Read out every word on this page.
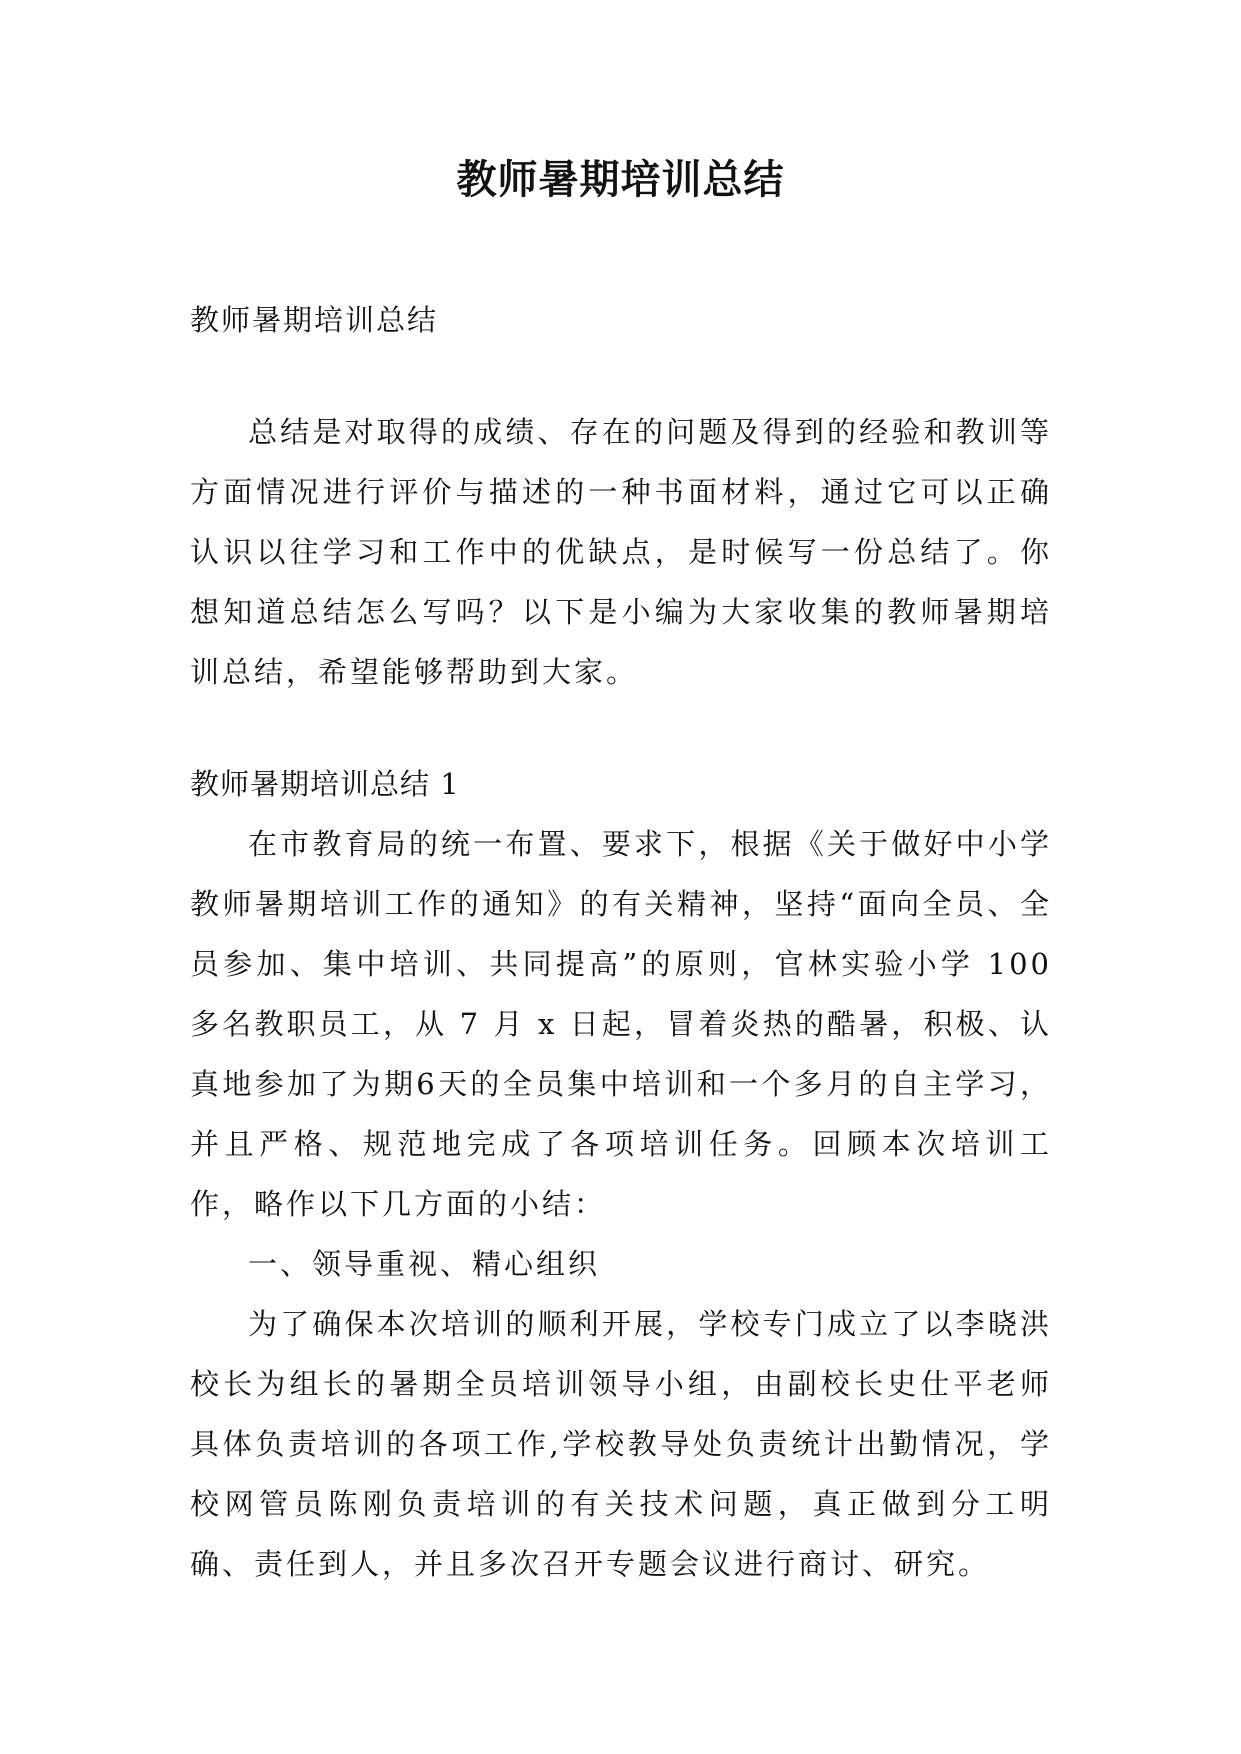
教师暑期培训总结

教师暑期培训总结

总结是对取得的成绩、存在的问题及得到的经验和教训等方面情况进行评价与描述的一种书面材料，通过它可以正确认识以往学习和工作中的优缺点，是时候写一份总结了。你想知道总结怎么写吗？以下是小编为大家收集的教师暑期培训总结，希望能够帮助到大家。

教师暑期培训总结 1

在市教育局的统一布置、要求下，根据《关于做好中小学教师暑期培训工作的通知》的有关精神，坚持“面向全员、全员参加、集中培训、共同提高”的原则，官林实验小学 100多名教职员工，从 7 月 x 日起，冒着炎热的酷暑，积极、认真地参加了为期6天的全员集中培训和一个多月的自主学习，并且严格、规范地完成了各项培训任务。回顾本次培训工作，略作以下几方面的小结：

一、领导重视、精心组织

为了确保本次培训的顺利开展，学校专门成立了以李晓洪校长为组长的暑期全员培训领导小组，由副校长史仕平老师具体负责培训的各项工作,学校教导处负责统计出勤情况，学校网管员陈刚负责培训的有关技术问题，真正做到分工明确、责任到人，并且多次召开专题会议进行商讨、研究。
